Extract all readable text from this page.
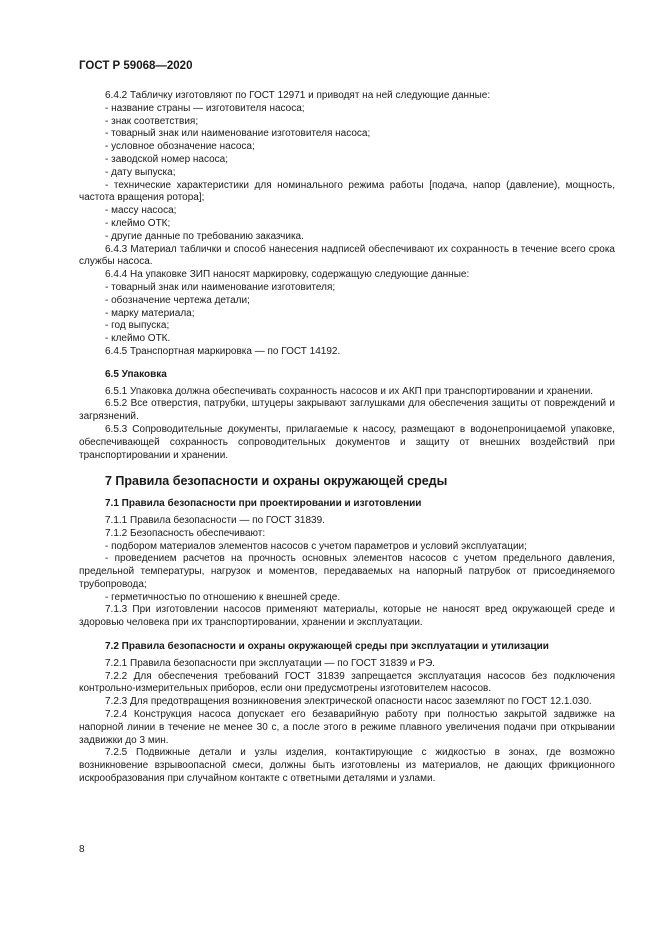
ГОСТ Р 59068—2020
6.4.2 Табличку изготовляют по ГОСТ 12971 и приводят на ней следующие данные:
- название страны — изготовителя насоса;
- знак соответствия;
- товарный знак или наименование изготовителя насоса;
- условное обозначение насоса;
- заводской номер насоса;
- дату выпуска;
- технические характеристики для номинального режима работы [подача, напор (давление), мощность, частота вращения ротора];
- массу насоса;
- клеймо ОТК;
- другие данные по требованию заказчика.
6.4.3 Материал таблички и способ нанесения надписей обеспечивают их сохранность в течение всего срока службы насоса.
6.4.4 На упаковке ЗИП наносят маркировку, содержащую следующие данные:
- товарный знак или наименование изготовителя;
- обозначение чертежа детали;
- марку материала;
- год выпуска;
- клеймо ОТК.
6.4.5 Транспортная маркировка — по ГОСТ 14192.
6.5 Упаковка
6.5.1 Упаковка должна обеспечивать сохранность насосов и их АКП при транспортировании и хранении.
6.5.2 Все отверстия, патрубки, штуцеры закрывают заглушками для обеспечения защиты от повреждений и загрязнений.
6.5.3 Сопроводительные документы, прилагаемые к насосу, размещают в водонепроницаемой упаковке, обеспечивающей сохранность сопроводительных документов и защиту от внешних воздействий при транспортировании и хранении.
7 Правила безопасности и охраны окружающей среды
7.1 Правила безопасности при проектировании и изготовлении
7.1.1 Правила безопасности — по ГОСТ 31839.
7.1.2 Безопасность обеспечивают:
- подбором материалов элементов насосов с учетом параметров и условий эксплуатации;
- проведением расчетов на прочность основных элементов насосов с учетом предельного давления, предельной температуры, нагрузок и моментов, передаваемых на напорный патрубок от присоединяемого трубопровода;
- герметичностью по отношению к внешней среде.
7.1.3 При изготовлении насосов применяют материалы, которые не наносят вред окружающей среде и здоровью человека при их транспортировании, хранении и эксплуатации.
7.2 Правила безопасности и охраны окружающей среды при эксплуатации и утилизации
7.2.1 Правила безопасности при эксплуатации — по ГОСТ 31839 и РЭ.
7.2.2 Для обеспечения требований ГОСТ 31839 запрещается эксплуатация насосов без подключения контрольно-измерительных приборов, если они предусмотрены изготовителем насосов.
7.2.3 Для предотвращения возникновения электрической опасности насос заземляют по ГОСТ 12.1.030.
7.2.4 Конструкция насоса допускает его безаварийную работу при полностью закрытой задвижке на напорной линии в течение не менее 30 с, а после этого в режиме плавного увеличения подачи при открывании задвижки до 3 мин.
7.2.5 Подвижные детали и узлы изделия, контактирующие с жидкостью в зонах, где возможно возникновение взрывоопасной смеси, должны быть изготовлены из материалов, не дающих фрикционного искрообразования при случайном контакте с ответными деталями и узлами.
8
